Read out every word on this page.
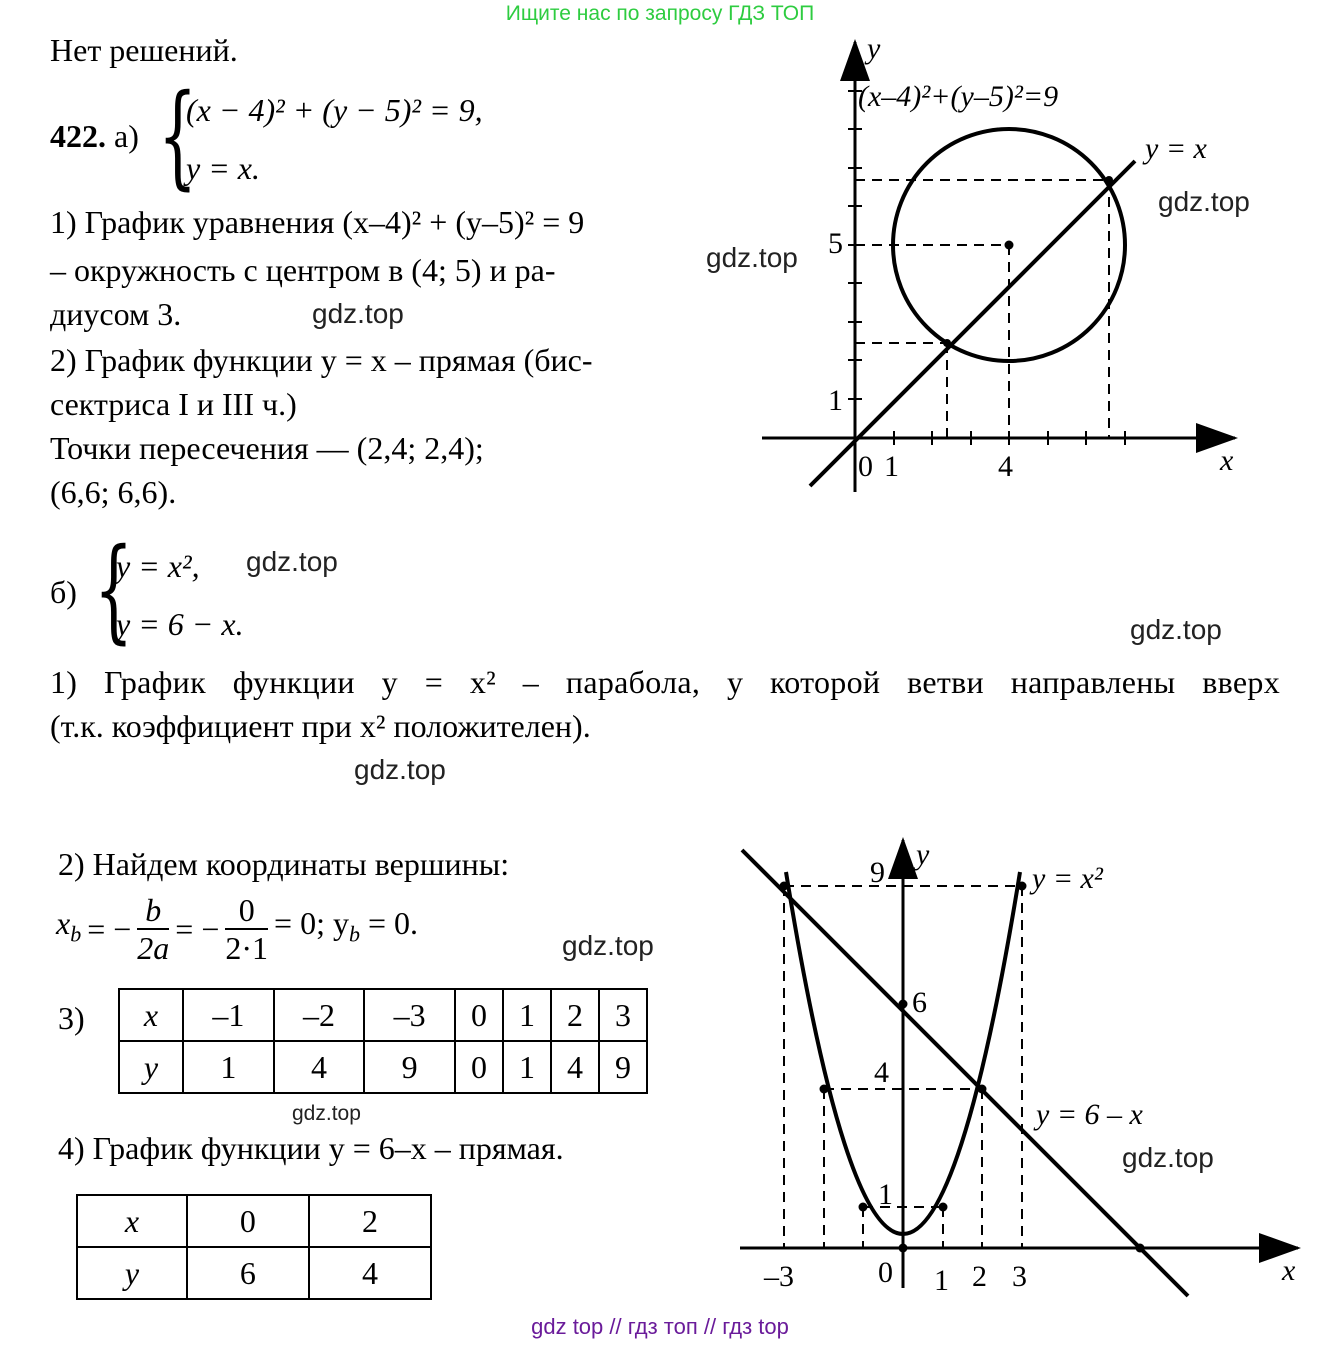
Ищите нас по запросу ГДЗ ТОП
Нет решений.
422. а) {
(x − 4)² + (y − 5)² = 9,
y = x.
1) График уравнения (x–4)² + (y–5)² = 9
– окружность с центром в (4; 5) и ра-
диусом 3.
2) График функции y = x – прямая (бис-
сектриса I и III ч.)
Точки пересечения — (2,4; 2,4);
(6,6; 6,6).
gdz.top
gdz.top
gdz.top
gdz.top
gdz.top
gdz.top
gdz.top
gdz.top
gdz.top
y
x
(x–4)²+(y–5)²=9
y = x
5
1
0 1	4
б) {
y = x²,
y = 6 − x.
1) График функции y = x² – парабола, у которой ветви направлены вверх
(т.к. коэффициент при x² положителен).
2) Найдем координаты вершины:
$x_b$ = − $\frac{b}{2a}$ = − $\frac{0}{2\cdot 1} = 0$; $y_b = 0$.
3) x	–1	–2	–3	0	1	2	3
y	1	4	9	0	1	4	9
4) График функции y = 6–x – прямая.
x	0	2
y	6	4
y
x
y = x²
y = 6 – x
9
6
4
1
–3	0 1 2 3
gdz top // гдз топ // гдз top
